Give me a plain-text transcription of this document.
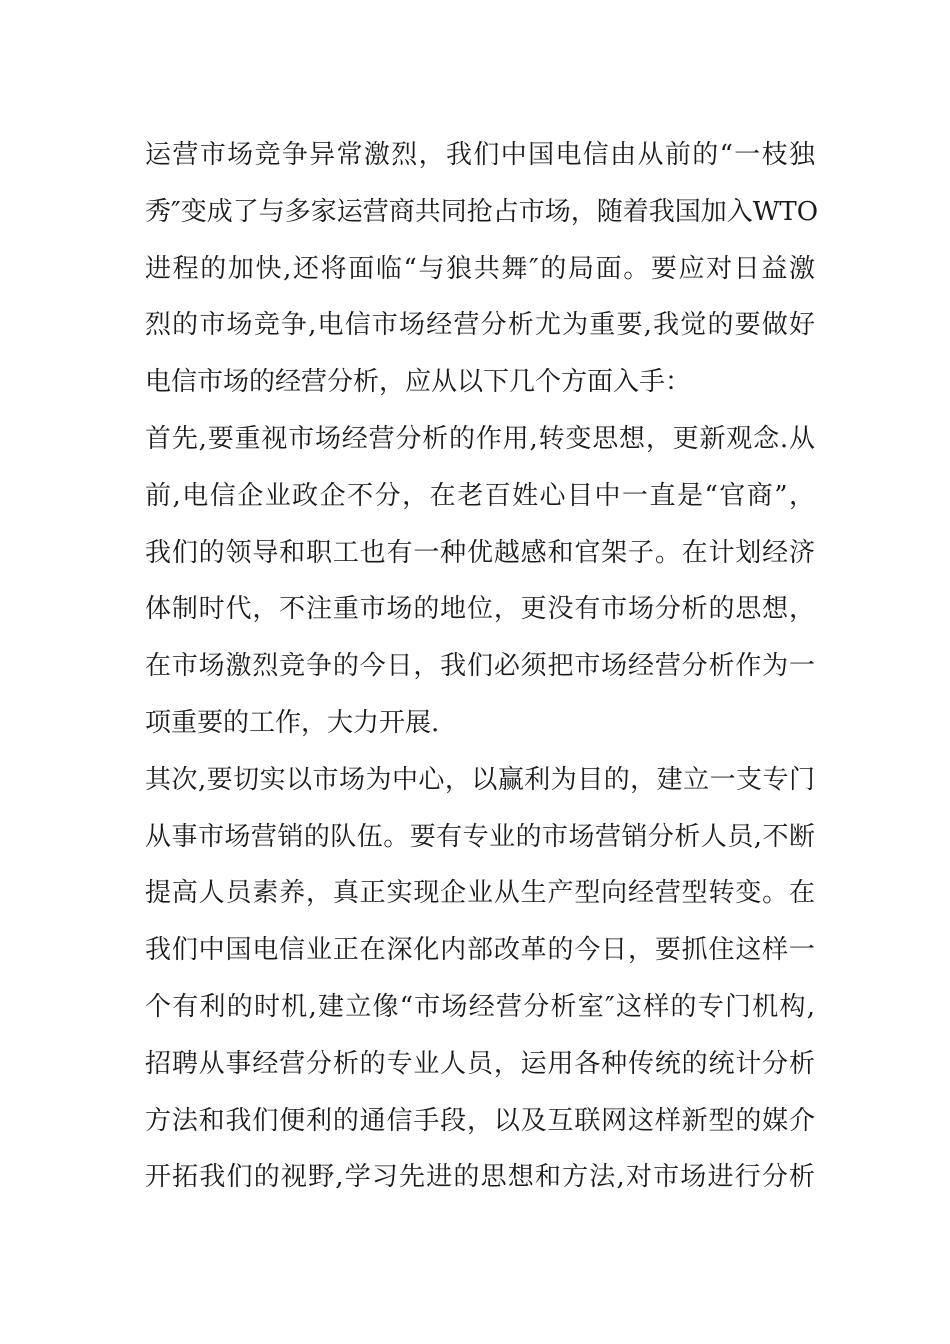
运营市场竞争异常激烈，我们中国电信由从前的“一枝独
秀″变成了与多家运营商共同抢占市场，随着我国加入WTO
进程的加快,还将面临“与狼共舞″的局面。要应对日益激
烈的市场竞争,电信市场经营分析尤为重要,我觉的要做好
电信市场的经营分析，应从以下几个方面入手：
首先,要重视市场经营分析的作用,转变思想，更新观念.从
前,电信企业政企不分，在老百姓心目中一直是“官商”，
我们的领导和职工也有一种优越感和官架子。在计划经济
体制时代，不注重市场的地位，更没有市场分析的思想，
在市场激烈竞争的今日，我们必须把市场经营分析作为一
项重要的工作，大力开展.
其次,要切实以市场为中心，以赢利为目的，建立一支专门
从事市场营销的队伍。要有专业的市场营销分析人员,不断
提高人员素养，真正实现企业从生产型向经营型转变。在
我们中国电信业正在深化内部改革的今日，要抓住这样一
个有利的时机,建立像“市场经营分析室″这样的专门机构,
招聘从事经营分析的专业人员，运用各种传统的统计分析
方法和我们便利的通信手段，以及互联网这样新型的媒介
开拓我们的视野,学习先进的思想和方法,对市场进行分析
